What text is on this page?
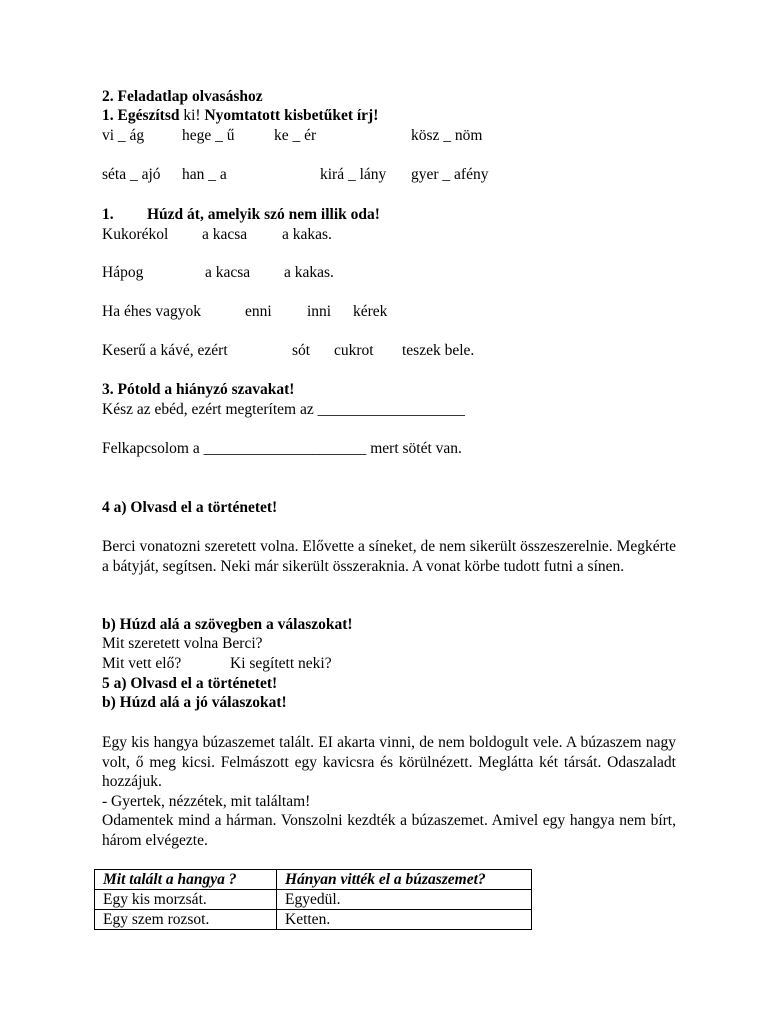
2. Feladatlap olvasáshoz
1. Egészítsd ki! Nyomtatott kisbetűket írj!
vi _ ág hege _ ű	ke _ ér	kösz _ nöm
séta _ ajó han _ a	kirá _ lány gyer _ afény
1. Húzd át, amelyik szó nem illik oda!
Kukorékol a kacsa a kakas.
Hápog	a kacsa a kakas.
Ha éhes vagyok	enni inni kérek
Keserű a kávé, ezért	sót cukrot teszek bele.
3. Pótold a hiányzó szavakat!
Kész az ebéd, ezért megterítem az ___________________
Felkapcsolom a _____________________ mert sötét van.
4 a) Olvasd el a történetet!
Berci vonatozni szeretett volna. Elővette a síneket, de nem sikerült összeszerelnie. Megkérte a bátyját, segítsen. Neki már sikerült összeraknia. A vonat körbe tudott futni a sínen.
b) Húzd alá a szövegben a válaszokat!
Mit szeretett volna Berci?
Mit vett elő?	Ki segített neki?
5 a) Olvasd el a történetet!
b) Húzd alá a jó válaszokat!
Egy kis hangya búzaszemet talált. EI akarta vinni, de nem boldogult vele. A búzaszem nagy volt, ő meg kicsi. Felmászott egy kavicsra és körülnézett. Meglátta két társát. Odaszaladt hozzájuk.
- Gyertek, nézzétek, mit találtam!
Odamentek mind a hárman. Vonszolni kezdték a búzaszemet. Amivel egy hangya nem bírt, három elvégezte.
Mit talált a hangya ?	Hányan vitték el a búzaszemet?
Egy kis morzsát.	Egyedül.
Egy szem rozsot.	Ketten.
